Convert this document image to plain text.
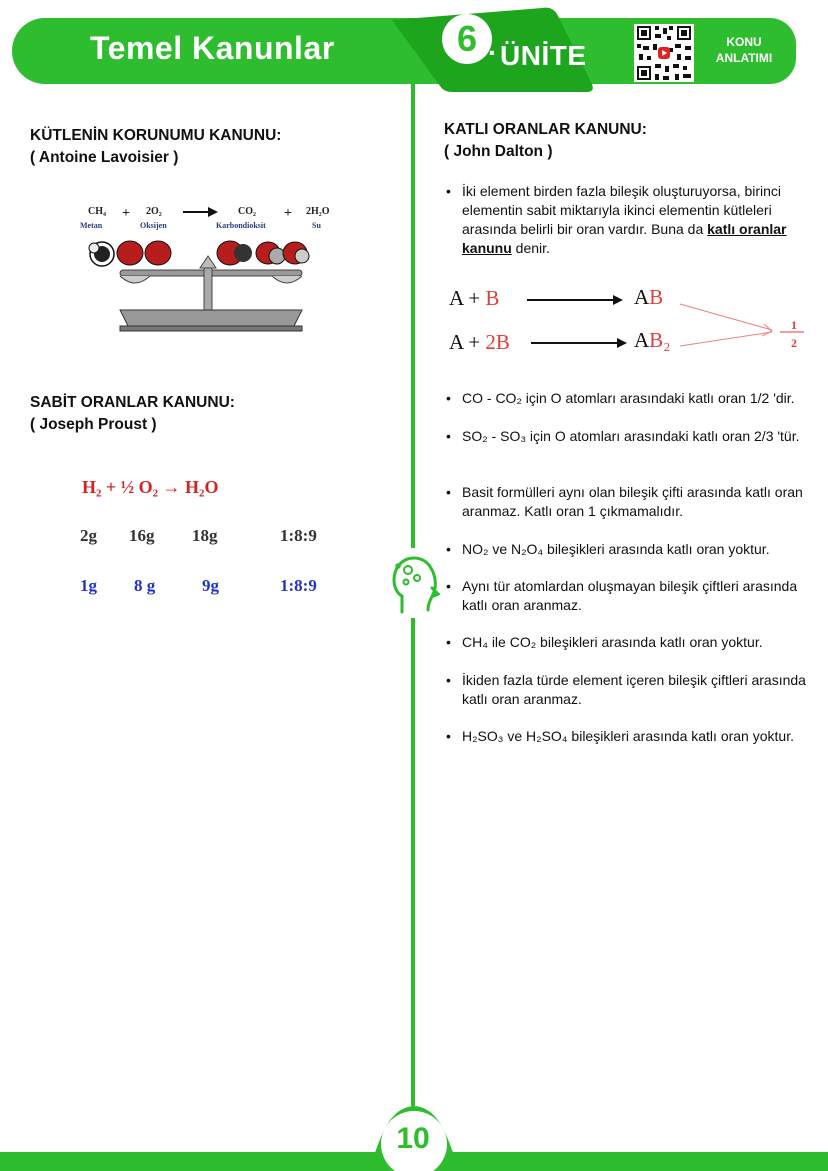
Temel Kanunlar	6 . ÜNİTE	KONU
ANLATIMI
KÜTLENİN KORUNUMU KANUNU:
( Antoine Lavoisier )
CH₄ + 2O₂	CO₂ + 2H₂O
Metan	Oksijen	Karbondioksit	Su
SABİT ORANLAR KANUNU:
( Joseph Proust )
H₂ + ½ O₂ → H₂O
2g 16g 18g	1:8:9
1g 8 g	9g	1:8:9
KATLI ORANLAR KANUNU:
( John Dalton )
• İki element birden fazla bileşik oluşturuyorsa, birinci elementin sabit miktarıyla ikinci elementin kütleleri arasında belirli bir oran vardır. Buna da katlı oranlar kanunu denir.
A + B	AB
A + 2B	AB₂
1
2
• CO - CO₂ için O atomları arasındaki katlı oran 1/2 'dir.
• SO₂ - SO₃ için O atomları arasındaki katlı oran 2/3 'tür.
• Basit formülleri aynı olan bileşik çifti arasında katlı oran aranmaz. Katlı oran 1 çıkmamalıdır.
• NO₂ ve N₂O₄ bileşikleri arasında katlı oran yoktur.
• Aynı tür atomlardan oluşmayan bileşik çiftleri arasında katlı oran aranmaz.
• CH₄ ile CO₂ bileşikleri arasında katlı oran yoktur.
• İkiden fazla türde element içeren bileşik çiftleri arasında katlı oran aranmaz.
• H₂SO₃ ve H₂SO₄ bileşikleri arasında katlı oran yoktur.
10
